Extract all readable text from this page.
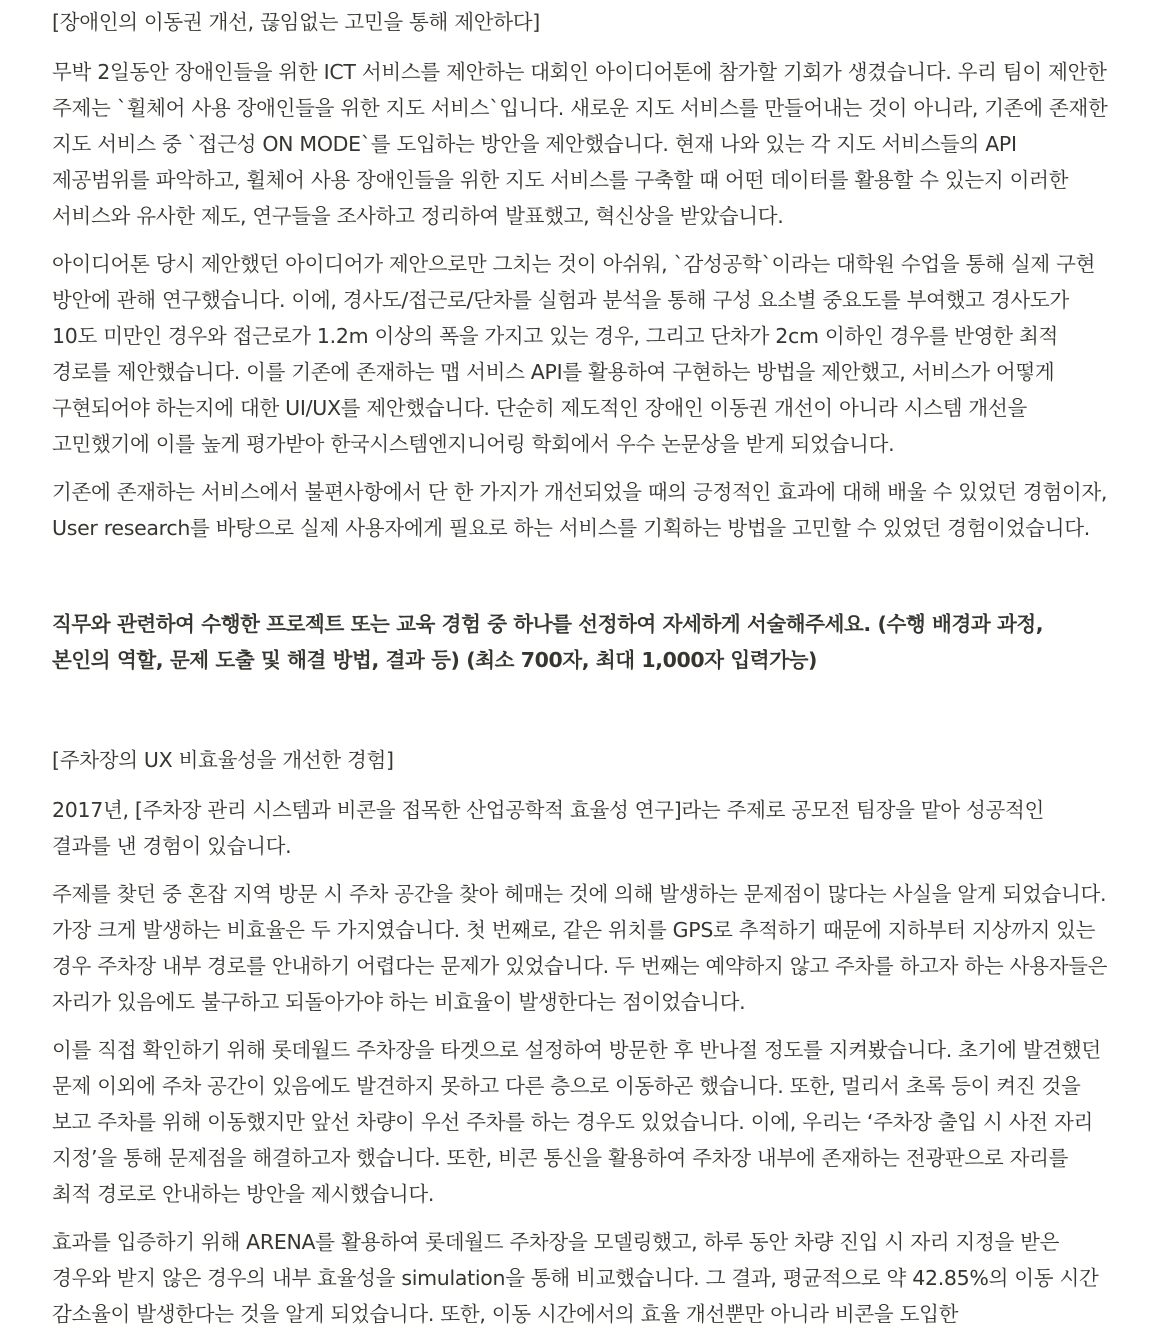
[장애인의 이동권 개선, 끊임없는 고민을 통해 제안하다]

무박 2일동안 장애인들을 위한 ICT 서비스를 제안하는 대회인 아이디어톤에 참가할 기회가 생겼습니다. 우리 팀이 제안한 주제는 `휠체어 사용 장애인들을 위한 지도 서비스`입니다. 새로운 지도 서비스를 만들어내는 것이 아니라, 기존에 존재한 지도 서비스 중 `접근성 ON MODE`를 도입하는 방안을 제안했습니다. 현재 나와 있는 각 지도 서비스들의 API 제공범위를 파악하고, 휠체어 사용 장애인들을 위한 지도 서비스를 구축할 때 어떤 데이터를 활용할 수 있는지 이러한 서비스와 유사한 제도, 연구들을 조사하고 정리하여 발표했고, 혁신상을 받았습니다.

아이디어톤 당시 제안했던 아이디어가 제안으로만 그치는 것이 아쉬워, `감성공학`이라는 대학원 수업을 통해 실제 구현 방안에 관해 연구했습니다. 이에, 경사도/접근로/단차를 실험과 분석을 통해 구성 요소별 중요도를 부여했고 경사도가 10도 미만인 경우와 접근로가 1.2m 이상의 폭을 가지고 있는 경우, 그리고 단차가 2cm 이하인 경우를 반영한 최적 경로를 제안했습니다. 이를 기존에 존재하는 맵 서비스 API를 활용하여 구현하는 방법을 제안했고, 서비스가 어떻게 구현되어야 하는지에 대한 UI/UX를 제안했습니다. 단순히 제도적인 장애인 이동권 개선이 아니라 시스템 개선을 고민했기에 이를 높게 평가받아 한국시스템엔지니어링 학회에서 우수 논문상을 받게 되었습니다.

기존에 존재하는 서비스에서 불편사항에서 단 한 가지가 개선되었을 때의 긍정적인 효과에 대해 배울 수 있었던 경험이자, User research를 바탕으로 실제 사용자에게 필요로 하는 서비스를 기획하는 방법을 고민할 수 있었던 경험이었습니다.

직무와 관련하여 수행한 프로젝트 또는 교육 경험 중 하나를 선정하여 자세하게 서술해주세요. (수행 배경과 과정, 본인의 역할, 문제 도출 및 해결 방법, 결과 등) (최소 700자, 최대 1,000자 입력가능)

[주차장의 UX 비효율성을 개선한 경험]

2017년, [주차장 관리 시스템과 비콘을 접목한 산업공학적 효율성 연구]라는 주제로 공모전 팀장을 맡아 성공적인 결과를 낸 경험이 있습니다.

주제를 찾던 중 혼잡 지역 방문 시 주차 공간을 찾아 헤매는 것에 의해 발생하는 문제점이 많다는 사실을 알게 되었습니다. 가장 크게 발생하는 비효율은 두 가지였습니다. 첫 번째로, 같은 위치를 GPS로 추적하기 때문에 지하부터 지상까지 있는 경우 주차장 내부 경로를 안내하기 어렵다는 문제가 있었습니다. 두 번째는 예약하지 않고 주차를 하고자 하는 사용자들은 자리가 있음에도 불구하고 되돌아가야 하는 비효율이 발생한다는 점이었습니다.

이를 직접 확인하기 위해 롯데월드 주차장을 타겟으로 설정하여 방문한 후 반나절 정도를 지켜봤습니다. 초기에 발견했던 문제 이외에 주차 공간이 있음에도 발견하지 못하고 다른 층으로 이동하곤 했습니다. 또한, 멀리서 초록 등이 켜진 것을 보고 주차를 위해 이동했지만 앞선 차량이 우선 주차를 하는 경우도 있었습니다. 이에, 우리는 ‘주차장 출입 시 사전 자리 지정’을 통해 문제점을 해결하고자 했습니다. 또한, 비콘 통신을 활용하여 주차장 내부에 존재하는 전광판으로 자리를 최적 경로로 안내하는 방안을 제시했습니다.

효과를 입증하기 위해 ARENA를 활용하여 롯데월드 주차장을 모델링했고, 하루 동안 차량 진입 시 자리 지정을 받은 경우와 받지 않은 경우의 내부 효율성을 simulation을 통해 비교했습니다. 그 결과, 평균적으로 약 42.85%의 이동 시간 감소율이 발생한다는 것을 알게 되었습니다. 또한, 이동 시간에서의 효율 개선뿐만 아니라 비콘을 도입한
